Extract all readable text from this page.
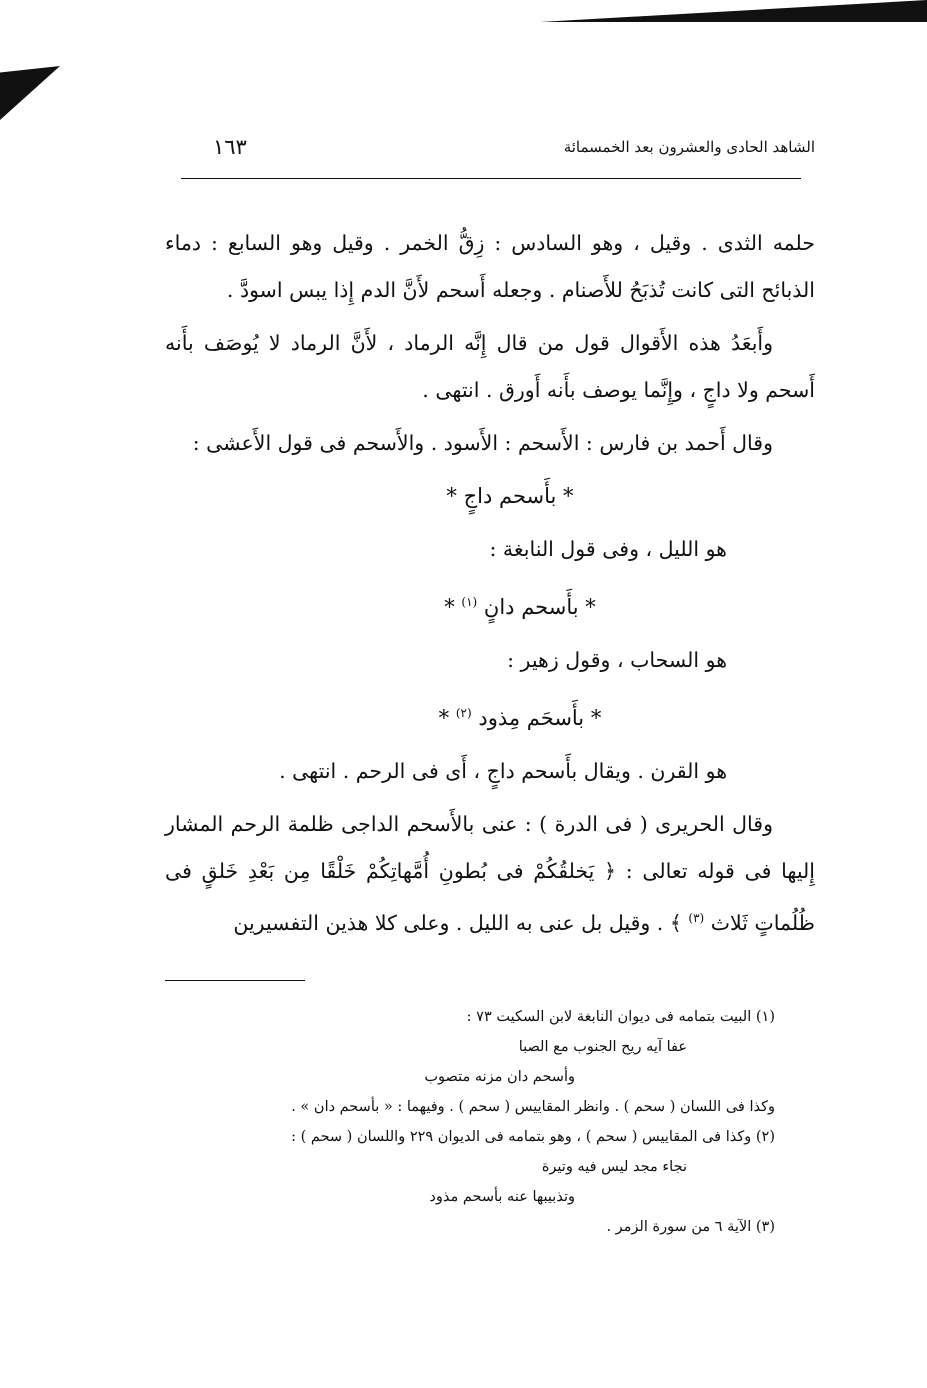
الشاهد الحادى والعشرون بعد الخمسمائة
١٦٣

حلمه الثدى . وقيل ، وهو السادس : زِقُّ الخمر . وقيل وهو السابع : دماء الذبائح التى كانت تُذبَحُ للأَصنام . وجعله أَسحم لأَنَّ الدم إِذا يبس اسودَّ .

وأَبعَدُ هذه الأَقوال قول من قال إِنَّه الرماد ، لأَنَّ الرماد لا يُوصَف بأَنه أَسحم ولا داجٍ ، وإِنَّما يوصف بأَنه أَورق . انتهى .

وقال أَحمد بن فارس : الأَسحم : الأَسود . والأَسحم فى قول الأَعشى :

* بأَسحم داجٍ *

هو الليل ، وفى قول النابغة :

* بأَسحم دانٍ $^{(١)}$ *

هو السحاب ، وقول زهير :

* بأَسحَم مِذود $^{(٢)}$ *

هو القرن . ويقال بأَسحم داجٍ ، أَى فى الرحم . انتهى .

وقال الحريرى ( فى الدرة ) : عنى بالأَسحم الداجى ظلمة الرحم المشار إِليها فى قوله تعالى : ﴿ يَخلقُكُمْ فى بُطونِ أُمَّهاتِكُمْ خَلْقًا مِن بَعْدِ خَلقٍ فى ظُلُماتٍ ثَلاث $^{(٣)}$ ﴾ . وقيل بل عنى به الليل . وعلى كلا هذين التفسيرين

(١) البيت بتمامه فى ديوان النابغة لابن السكيت ٧٣ :

عفا آيه ريح الجنوب مع الصبا

وأسحم دان مزنه متصوب

وكذا فى اللسان ( سحم ) . وانظر المقاييس ( سحم ) . وفيهما : « بأسحم دان » .

(٢) وكذا فى المقاييس ( سحم ) ، وهو بتمامه فى الديوان ٢٢٩ واللسان ( سحم ) :

نجاء مجد ليس فيه وتيرة

وتذبيبها عنه بأسحم مذود

(٣) الآية ٦ من سورة الزمر .
